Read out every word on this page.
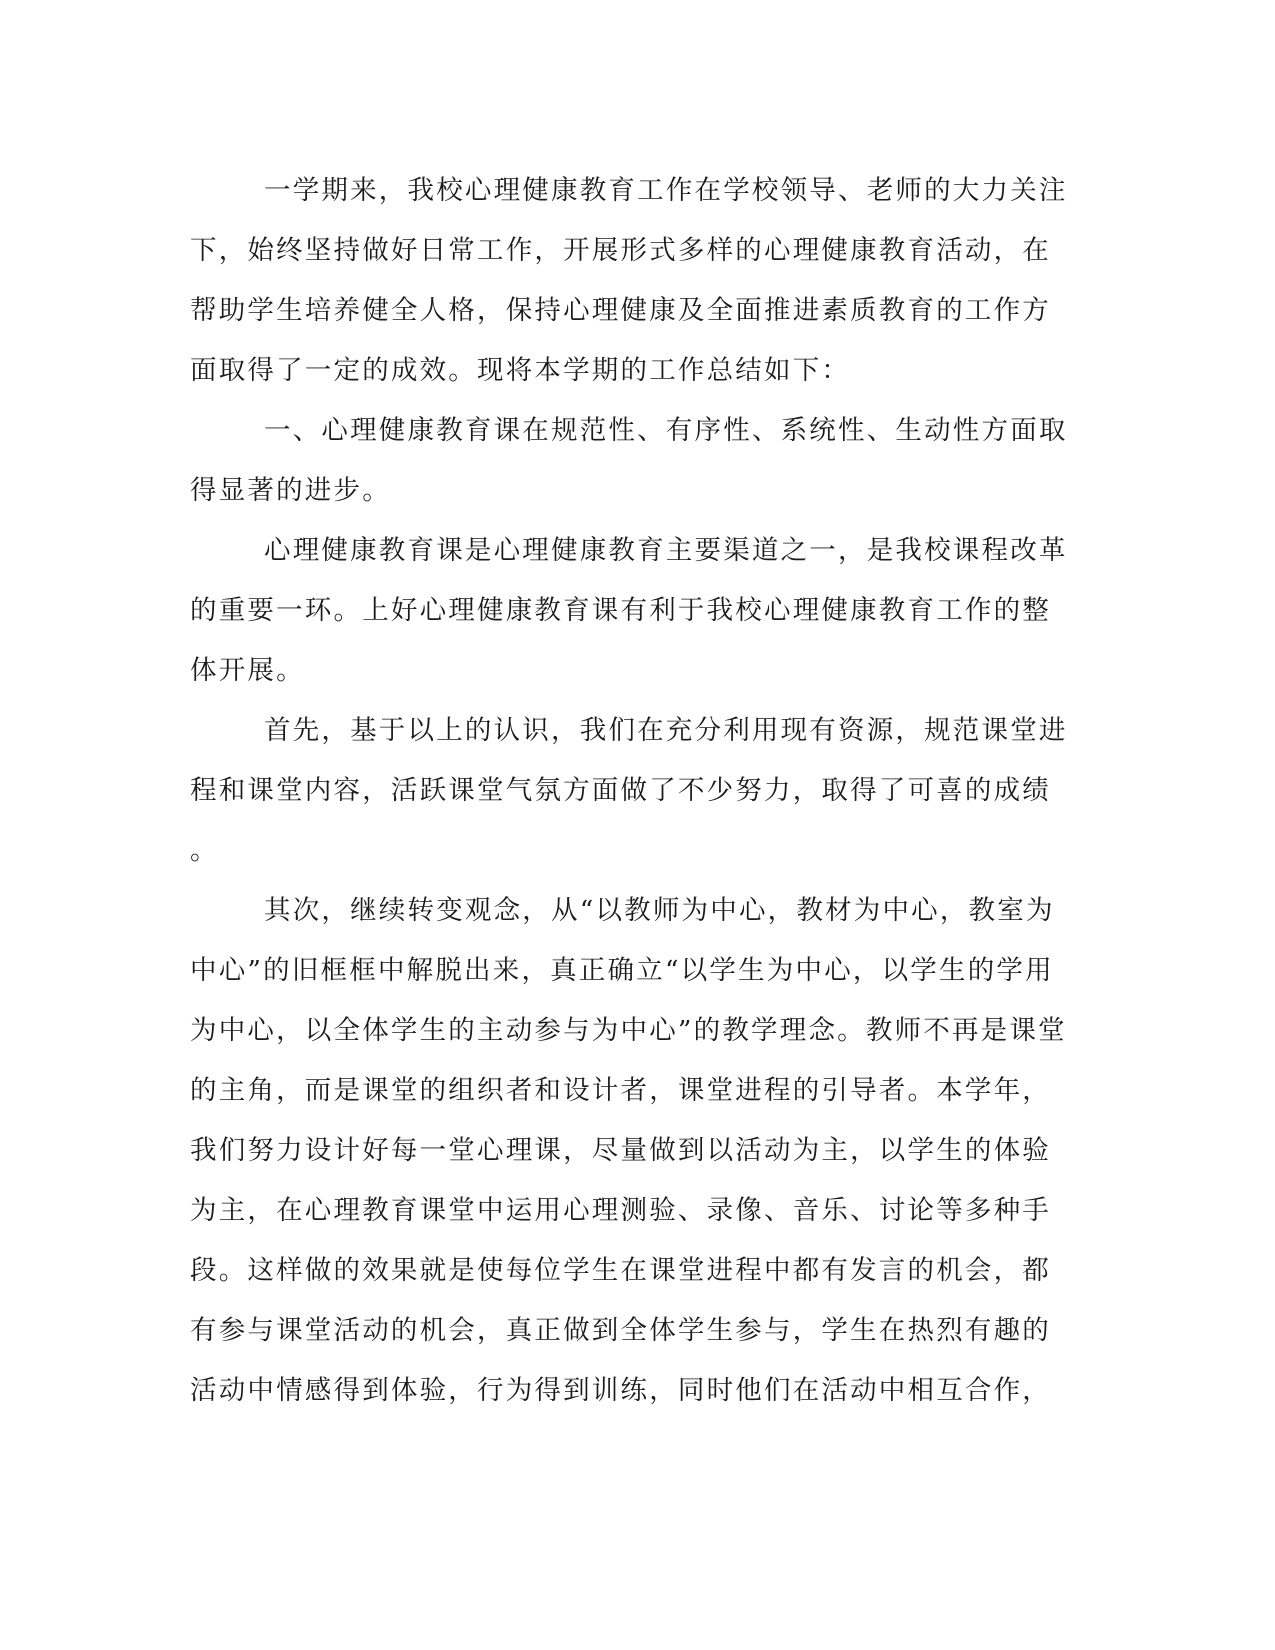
一学期来，我校心理健康教育工作在学校领导、老师的大力关注
下，始终坚持做好日常工作，开展形式多样的心理健康教育活动，在
帮助学生培养健全人格，保持心理健康及全面推进素质教育的工作方
面取得了一定的成效。现将本学期的工作总结如下：
一、心理健康教育课在规范性、有序性、系统性、生动性方面取
得显著的进步。
心理健康教育课是心理健康教育主要渠道之一，是我校课程改革
的重要一环。上好心理健康教育课有利于我校心理健康教育工作的整
体开展。
首先，基于以上的认识，我们在充分利用现有资源，规范课堂进
程和课堂内容，活跃课堂气氛方面做了不少努力，取得了可喜的成绩
。
其次，继续转变观念，从“以教师为中心，教材为中心，教室为
中心”的旧框框中解脱出来，真正确立“以学生为中心，以学生的学用
为中心，以全体学生的主动参与为中心”的教学理念。教师不再是课堂
的主角，而是课堂的组织者和设计者，课堂进程的引导者。本学年，
我们努力设计好每一堂心理课，尽量做到以活动为主，以学生的体验
为主，在心理教育课堂中运用心理测验、录像、音乐、讨论等多种手
段。这样做的效果就是使每位学生在课堂进程中都有发言的机会，都
有参与课堂活动的机会，真正做到全体学生参与，学生在热烈有趣的
活动中情感得到体验，行为得到训练，同时他们在活动中相互合作，
